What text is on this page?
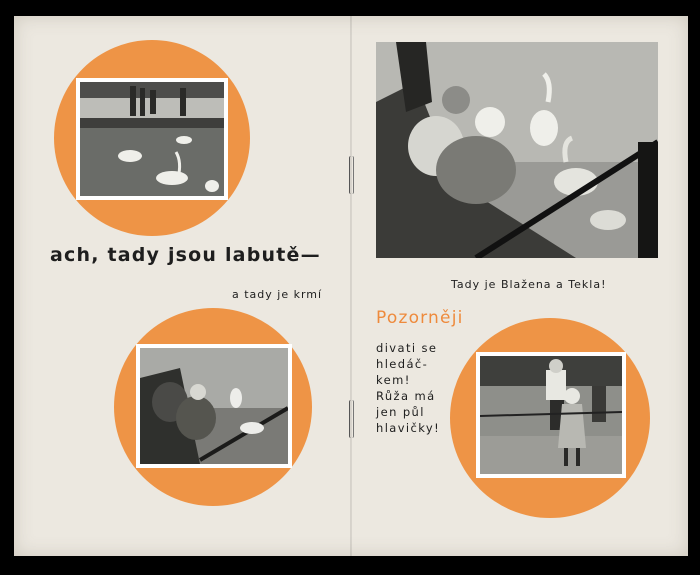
ach, tady jsou labutě—
a tady je krmí
Tady je Blažena a Tekla!
Pozorněji
divati se
hledáč-
kem!
Růža má
jen půl
hlavičky!
